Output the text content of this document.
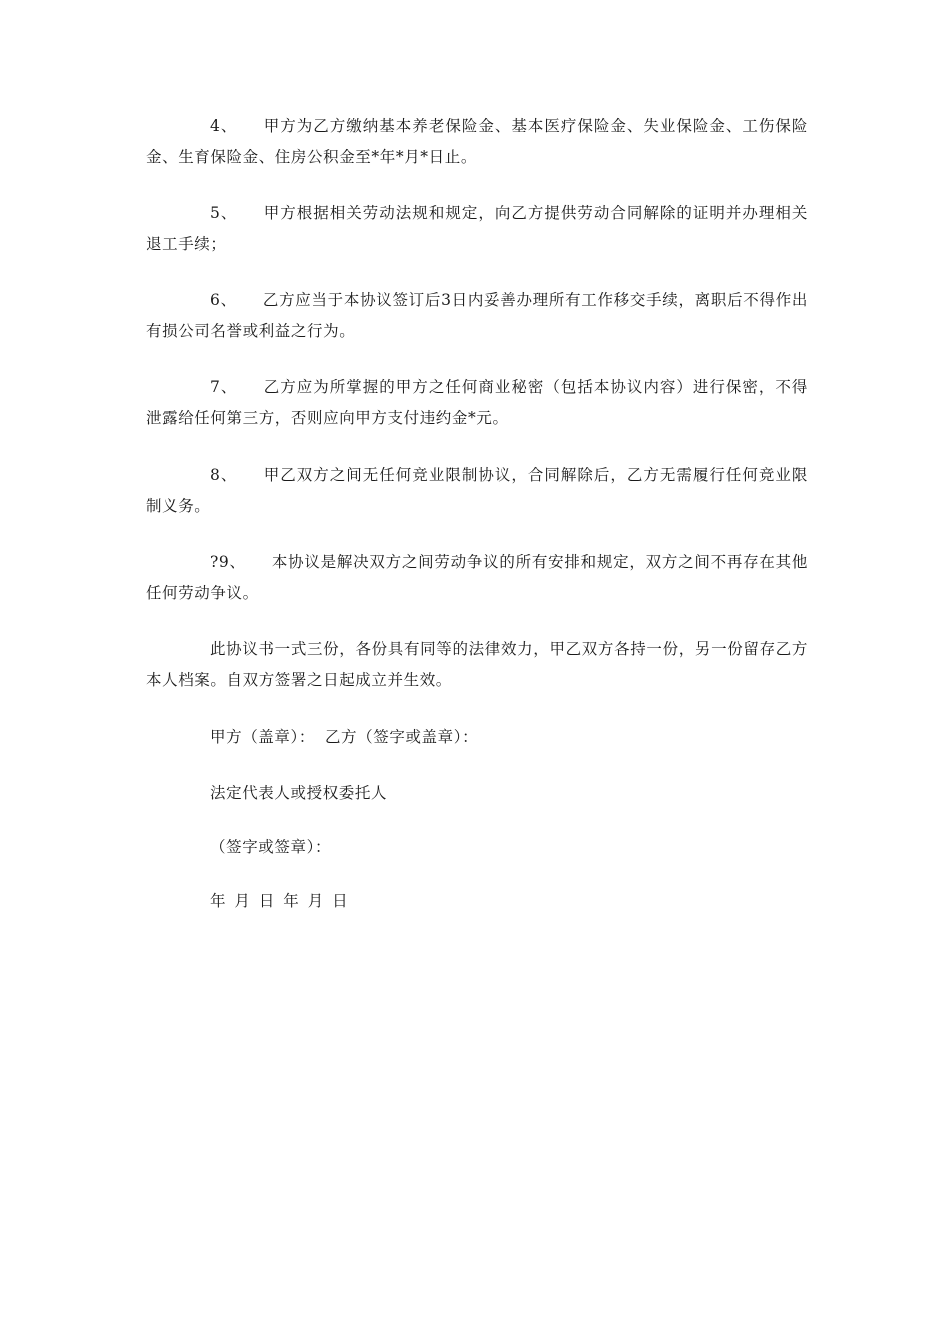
4、 甲方为乙方缴纳基本养老保险金、基本医疗保险金、失业保险金、工伤保险金、生育保险金、住房公积金至*年*月*日止。

5、 甲方根据相关劳动法规和规定，向乙方提供劳动合同解除的证明并办理相关退工手续；

6、 乙方应当于本协议签订后3日内妥善办理所有工作移交手续，离职后不得作出有损公司名誉或利益之行为。

7、 乙方应为所掌握的甲方之任何商业秘密（包括本协议内容）进行保密，不得泄露给任何第三方，否则应向甲方支付违约金*元。

8、 甲乙双方之间无任何竞业限制协议，合同解除后，乙方无需履行任何竞业限制义务。

?9、 本协议是解决双方之间劳动争议的所有安排和规定，双方之间不再存在其他任何劳动争议。

此协议书一式三份，各份具有同等的法律效力，甲乙双方各持一份，另一份留存乙方本人档案。自双方签署之日起成立并生效。

甲方（盖章）： 乙方（签字或盖章）：

法定代表人或授权委托人

（签字或签章）：

年 月 日 年 月 日
